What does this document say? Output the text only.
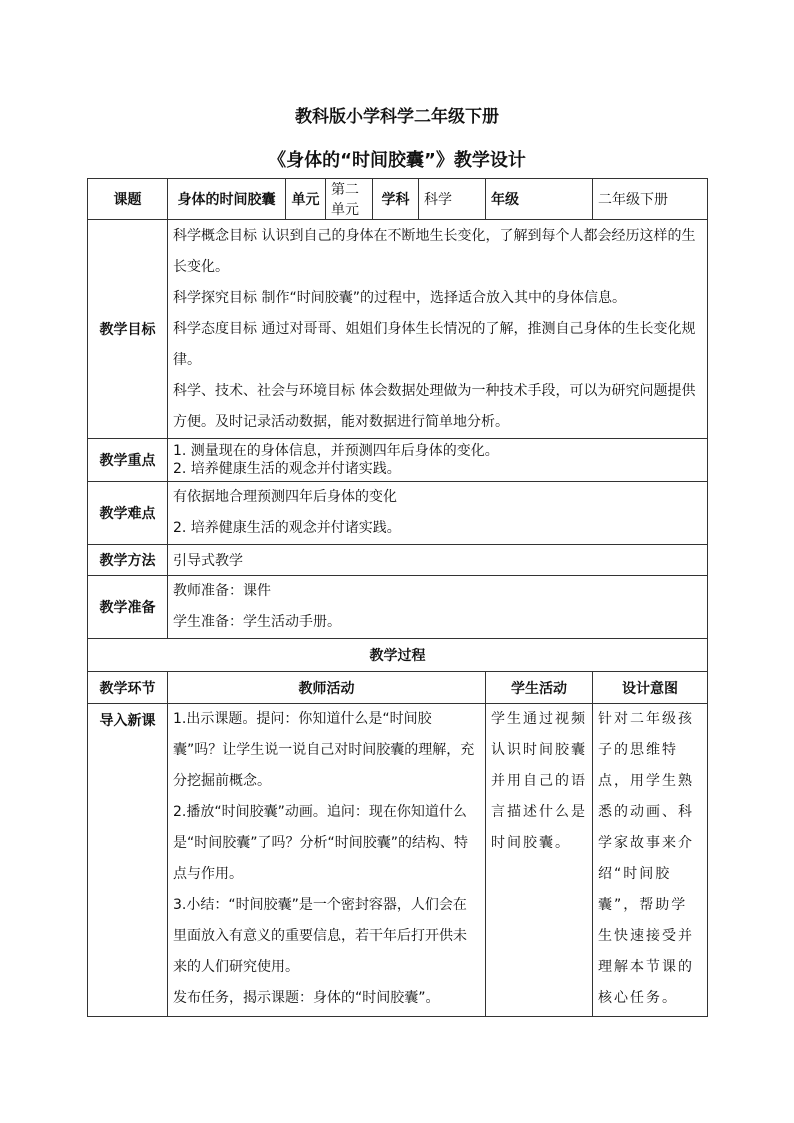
教科版小学科学二年级下册
《身体的“时间胶囊”》教学设计
课题	身体的时间胶囊	单元	第二单元	学科	科学	年级	二年级下册
教学目标	科学概念目标 认识到自己的身体在不断地生长变化，了解到每个人都会经历这样的生长变化。
科学探究目标 制作“时间胶囊”的过程中，选择适合放入其中的身体信息。
科学态度目标 通过对哥哥、姐姐们身体生长情况的了解，推测自己身体的生长变化规律。
科学、技术、社会与环境目标 体会数据处理做为一种技术手段，可以为研究问题提供方便。及时记录活动数据，能对数据进行简单地分析。						

教学重点	1. 测量现在的身体信息，并预测四年后身体的变化。
2. 培养健康生活的观念并付诸实践。						

教学难点	有依据地合理预测四年后身体的变化
2. 培养健康生活的观念并付诸实践。						

教学方法	引导式教学						
教学准备	教师准备：课件
学生准备：学生活动手册。						

教学过程							
教学环节	教师活动					学生活动	设计意图
导入新课	1.出示课题。提问：你知道什么是“时间胶囊”吗？让学生说一说自己对时间胶囊的理解，充分挖掘前概念。
2.播放“时间胶囊”动画。追问：现在你知道什么是“时间胶囊”了吗？分析“时间胶囊”的结构、特点与作用。
3.小结：“时间胶囊”是一个密封容器，人们会在里面放入有意义的重要信息，若干年后打开供未来的人们研究使用。
发布任务，揭示课题：身体的“时间胶囊”。					学生通过视频认识时间胶囊并用自己的语言描述什么是时间胶囊。	针对二年级孩子的思维特点，用学生熟悉的动画、科学家故事来介绍“时间胶囊”，帮助学生快速接受并理解本节课的核心任务。
